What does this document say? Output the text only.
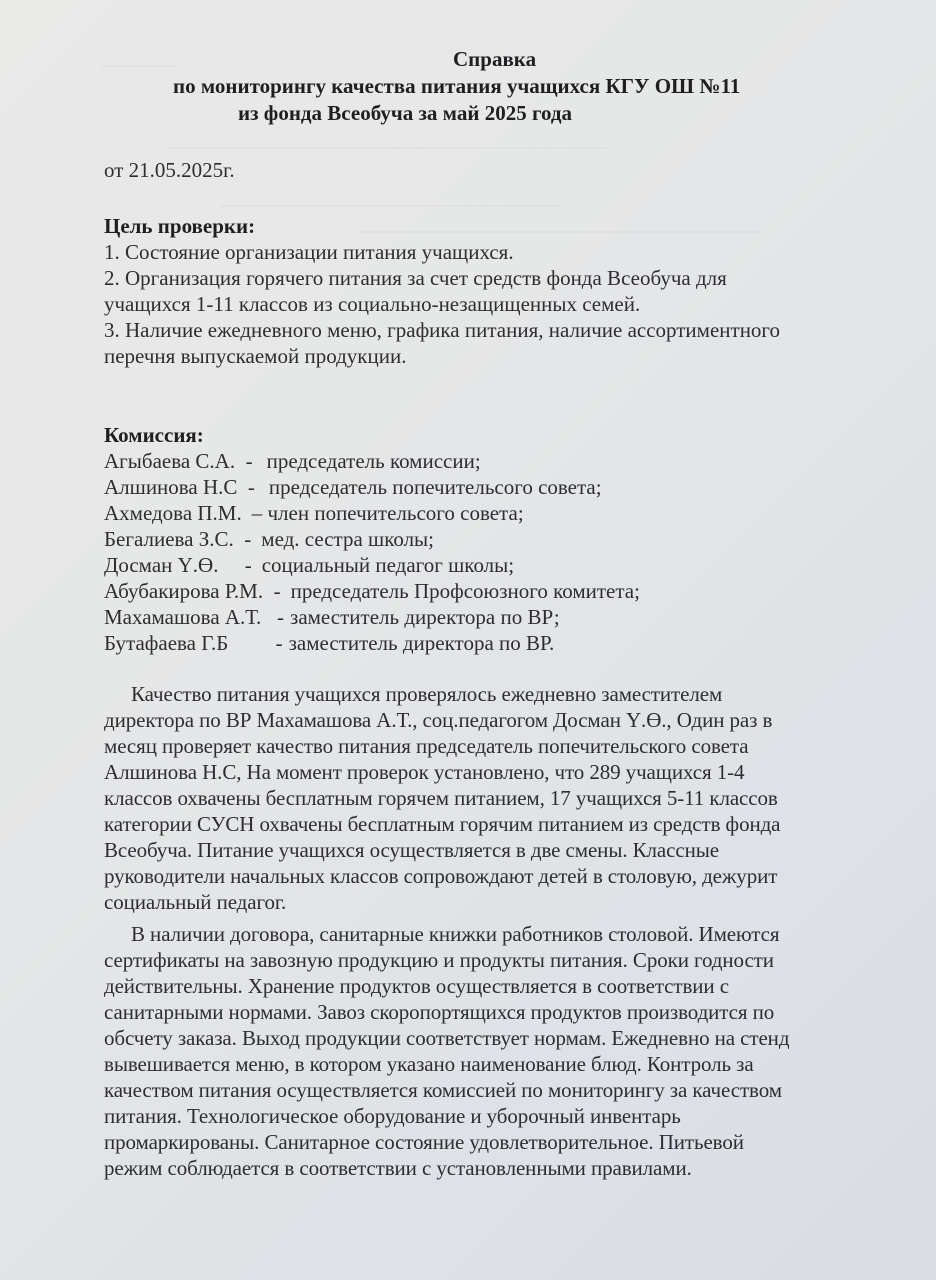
________
______________________________________________
____________________________________
__________________________________________
Справка
по мониторингу качества питания учащихся КГУ ОШ №11
из фонда Всеобуча за май 2025 года
от 21.05.2025г.
Цель проверки:
1. Состояние организации питания учащихся.
2. Организация горячего питания за счет средств фонда Всеобуча для
учащихся 1-11 классов из социально-незащищенных семей.
3. Наличие ежедневного меню, графика питания, наличие ассортиментного
перечня выпускаемой продукции.
Комиссия:
Агыбаева С.А.  - председатель комиссии;
Алшинова Н.С  - председатель попечительсого совета;
Ахмедова П.М. – член попечительсого совета;
Бегалиева З.С.  - мед. сестра школы;
Досман Ү.Ө.     - социальный педагог школы;
Абубакирова Р.М.  - председатель Профсоюзного комитета;
Махамашова А.Т.   - заместитель директора по ВР;
Бутафаева Г.Б         - заместитель директора по ВР.
Качество питания учащихся проверялось ежедневно заместителем
директора по ВР Махамашова А.Т., соц.педагогом Досман Ү.Ө., Один раз в
месяц проверяет качество питания председатель попечительского совета
Алшинова Н.С, На момент проверок установлено, что 289 учащихся 1-4
классов охвачены бесплатным горячем питанием, 17 учащихся 5-11 классов
категории СУСН охвачены бесплатным горячим питанием из средств фонда
Всеобуча. Питание учащихся осуществляется в две смены. Классные
руководители начальных классов сопровождают детей в столовую, дежурит
социальный педагог.
В наличии договора, санитарные книжки работников столовой. Имеются
сертификаты на завозную продукцию и продукты питания. Сроки годности
действительны. Хранение продуктов осуществляется в соответствии с
санитарными нормами. Завоз скоропортящихся продуктов производится по
обсчету заказа. Выход продукции соответствует нормам. Ежедневно на стенд
вывешивается меню, в котором указано наименование блюд. Контроль за
качеством питания осуществляется комиссией по мониторингу за качеством
питания. Технологическое оборудование и уборочный инвентарь
промаркированы. Санитарное состояние удовлетворительное. Питьевой
режим соблюдается в соответствии с установленными правилами.
